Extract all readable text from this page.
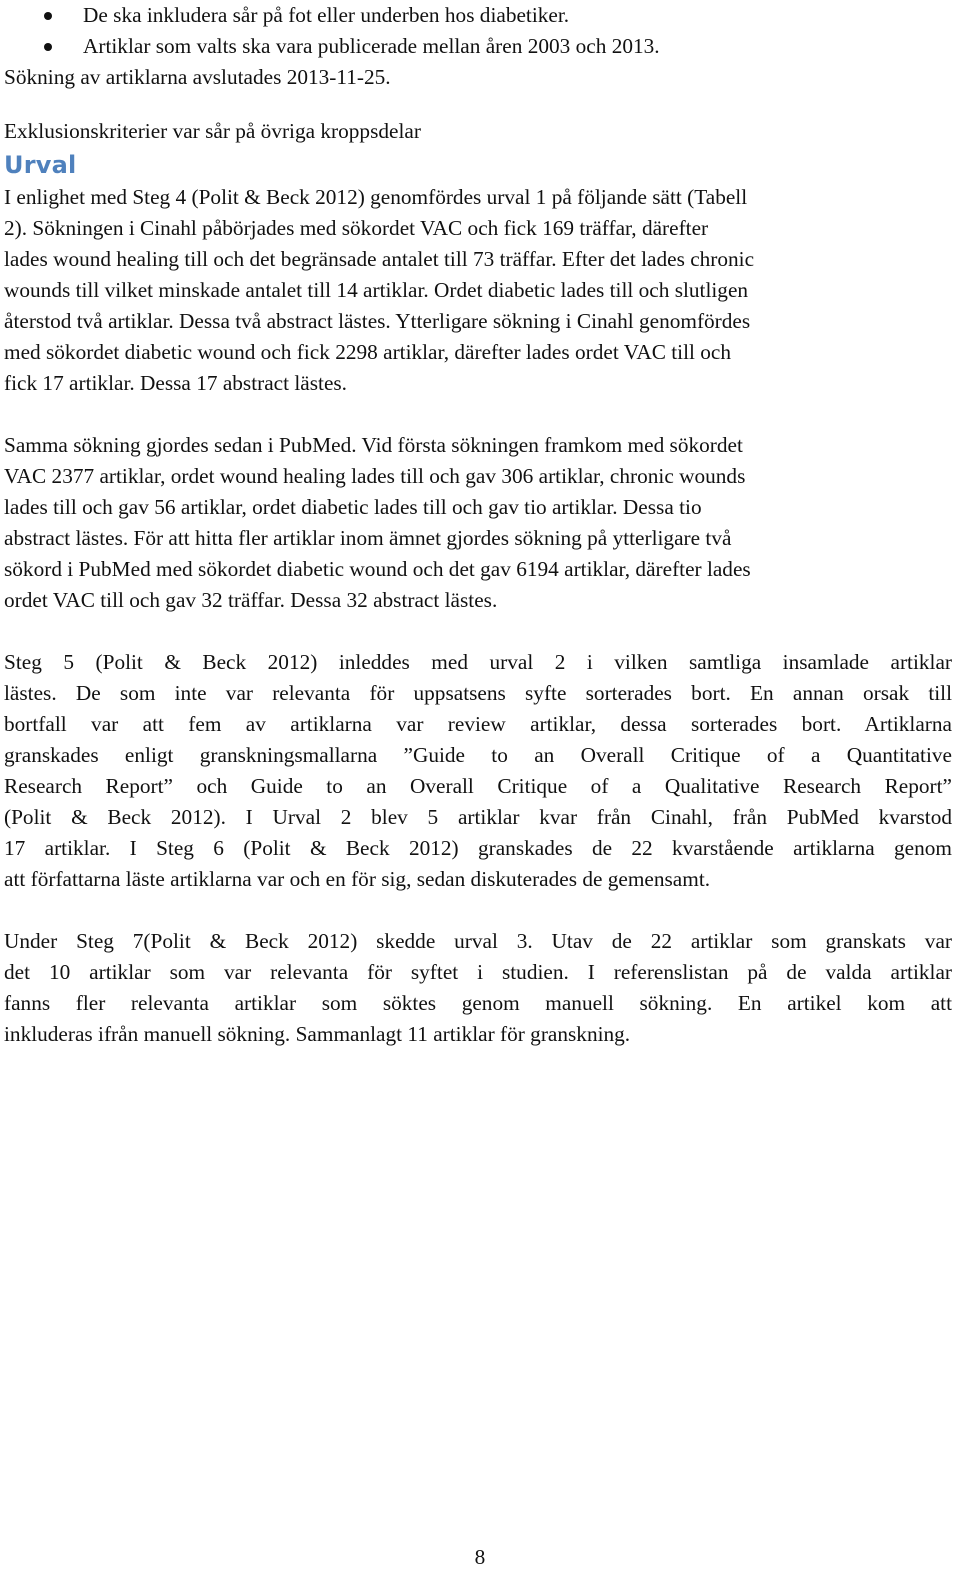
De ska inkludera sår på fot eller underben hos diabetiker.
Artiklar som valts ska vara publicerade mellan åren 2003 och 2013.
Sökning av artiklarna avslutades 2013-11-25.
Exklusionskriterier var sår på övriga kroppsdelar
Urval
I enlighet med Steg 4 (Polit & Beck 2012) genomfördes urval 1 på följande sätt (Tabell
2). Sökningen i Cinahl påbörjades med sökordet VAC och fick 169 träffar, därefter
lades wound healing till och det begränsade antalet till 73 träffar. Efter det lades chronic
wounds till vilket minskade antalet till 14 artiklar. Ordet diabetic lades till och slutligen
återstod två artiklar. Dessa två abstract lästes. Ytterligare sökning i Cinahl genomfördes
med sökordet diabetic wound och fick 2298 artiklar, därefter lades ordet VAC till och
fick 17 artiklar. Dessa 17 abstract lästes.
Samma sökning gjordes sedan i PubMed. Vid första sökningen framkom med sökordet
VAC 2377 artiklar, ordet wound healing lades till och gav 306 artiklar, chronic wounds
lades till och gav 56 artiklar, ordet diabetic lades till och gav tio artiklar. Dessa tio
abstract lästes. För att hitta fler artiklar inom ämnet gjordes sökning på ytterligare två
sökord i PubMed med sökordet diabetic wound och det gav 6194 artiklar, därefter lades
ordet VAC till och gav 32 träffar. Dessa 32 abstract lästes.
Steg 5 (Polit & Beck 2012) inleddes med urval 2 i vilken samtliga insamlade artiklar
lästes. De som inte var relevanta för uppsatsens syfte sorterades bort. En annan orsak till
bortfall var att fem av artiklarna var review artiklar, dessa sorterades bort. Artiklarna
granskades enligt granskningsmallarna ”Guide to an Overall Critique of a Quantitative
Research Report” och Guide to an Overall Critique of a Qualitative Research Report”
(Polit & Beck 2012). I Urval 2 blev 5 artiklar kvar från Cinahl, från PubMed kvarstod
17 artiklar. I Steg 6 (Polit & Beck 2012) granskades de 22 kvarstående artiklarna genom
att författarna läste artiklarna var och en för sig, sedan diskuterades de gemensamt.
Under Steg 7(Polit & Beck 2012) skedde urval 3. Utav de 22 artiklar som granskats var
det 10 artiklar som var relevanta för syftet i studien. I referenslistan på de valda artiklar
fanns fler relevanta artiklar som söktes genom manuell sökning. En artikel kom att
inkluderas ifrån manuell sökning. Sammanlagt 11 artiklar för granskning.
8
